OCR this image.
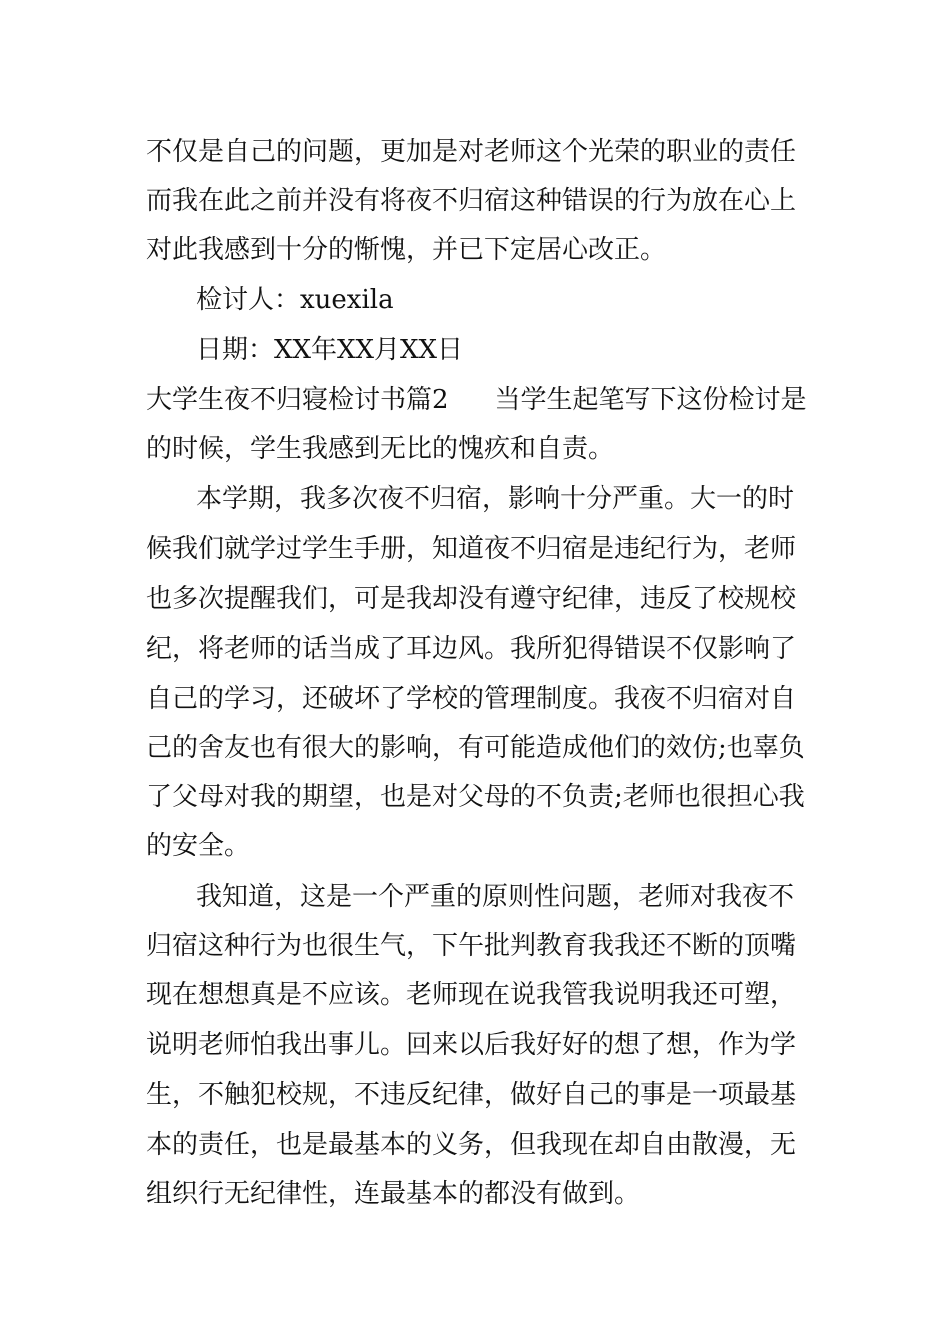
不仅是自己的问题，更加是对老师这个光荣的职业的责任
而我在此之前并没有将夜不归宿这种错误的行为放在心上
对此我感到十分的惭愧，并已下定居心改正。
检讨人：xuexila
日期：XX年XX月XX日
大学生夜不归寝检讨书篇2 当学生起笔写下这份检讨是
的时候，学生我感到无比的愧疚和自责。
本学期，我多次夜不归宿，影响十分严重。大一的时
候我们就学过学生手册，知道夜不归宿是违纪行为，老师
也多次提醒我们，可是我却没有遵守纪律，违反了校规校
纪，将老师的话当成了耳边风。我所犯得错误不仅影响了
自己的学习，还破坏了学校的管理制度。我夜不归宿对自
己的舍友也有很大的影响，有可能造成他们的效仿;也辜负
了父母对我的期望，也是对父母的不负责;老师也很担心我
的安全。
我知道，这是一个严重的原则性问题，老师对我夜不
归宿这种行为也很生气，下午批判教育我我还不断的顶嘴
现在想想真是不应该。老师现在说我管我说明我还可塑，
说明老师怕我出事儿。回来以后我好好的想了想，作为学
生，不触犯校规，不违反纪律，做好自己的事是一项最基
本的责任，也是最基本的义务，但我现在却自由散漫，无
组织行无纪律性，连最基本的都没有做到。
